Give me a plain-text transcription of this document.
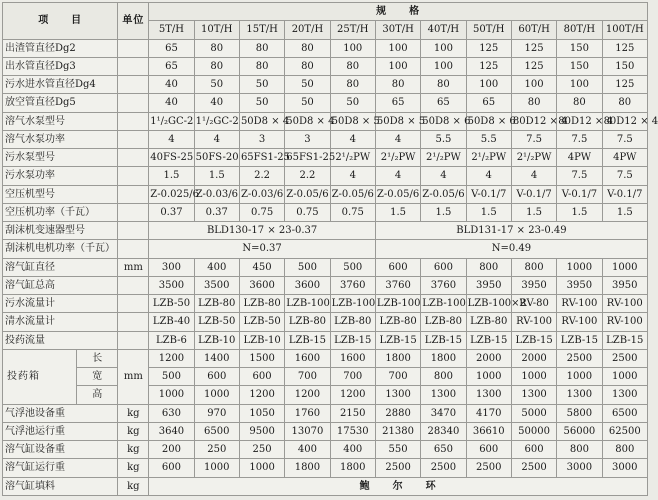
项　　目		单位	规　　格										
			5T/H	10T/H	15T/H	20T/H	25T/H	30T/H	40T/H	50T/H	60T/H	80T/H	100T/H
出渣管直径Dg2			65	80	80	80	100	100	100	125	125	150	125
出水管直径Dg3			65	80	80	80	80	100	100	125	125	150	150
污水进水管直径Dg4			40	50	50	50	80	80	80	100	100	100	125
放空管直径Dg5			40	40	50	50	50	65	65	65	80	80	80
溶气水泵型号			1¹/₂GC-2	1¹/₂GC-2	50D8 × 4	50D8 × 4	50D8 × 5	50D8 × 5	50D8 × 6	50D8 × 6	80D12 × 4	80D12 × 4	80D12 × 4
溶气水泵功率			4	4	3	3	4	4	5.5	5.5	7.5	7.5	7.5
污水泵型号			40FS-25	50FS-20	65FS1-25	65FS1-25	2¹/₂PW	2¹/₂PW	2¹/₂PW	2¹/₂PW	2¹/₂PW	4PW	4PW
污水泵功率			1.5	1.5	2.2	2.2	4	4	4	4	4	7.5	7.5
空压机型号			Z-0.025/6	Z-0.03/6	Z-0.03/6	Z-0.05/6	Z-0.05/6	Z-0.05/6	Z-0.05/6	V-0.1/7	V-0.1/7	V-0.1/7	V-0.1/7
空压机功率（千瓦）			0.37	0.37	0.75	0.75	0.75	1.5	1.5	1.5	1.5	1.5	1.5
刮沫机变速器型号			BLD130-17 × 23-0.37					BLD131-17 × 23-0.49					
刮沫机电机功率（千瓦）			N=0.37					N=0.49					
溶气缸直径		mm	300	400	450	500	500	600	600	800	800	1000	1000
溶气缸总高			3500	3500	3600	3600	3760	3760	3760	3950	3950	3950	3950
污水流量计			LZB-50	LZB-80	LZB-80	LZB-100	LZB-100	LZB-100	LZB-100	LZB-100×2	RV-80	RV-100	RV-100
清水流量计			LZB-40	LZB-50	LZB-50	LZB-80	LZB-80	LZB-80	LZB-80	LZB-80	RV-100	RV-100	RV-100
投药流量			LZB-6	LZB-10	LZB-10	LZB-15	LZB-15	LZB-15	LZB-15	LZB-15	LZB-15	LZB-15	LZB-15
投药箱	长	mm	1200	1400	1500	1600	1600	1800	1800	2000	2000	2500	2500
	宽		500	600	600	700	700	700	800	1000	1000	1000	1000
	高		1000	1000	1200	1200	1200	1300	1300	1300	1300	1300	1300
气浮池设备重		kg	630	970	1050	1760	2150	2880	3470	4170	5000	5800	6500
气浮池运行重		kg	3640	6500	9500	13070	17530	21380	28340	36610	50000	56000	62500
溶气缸设备重		kg	200	250	250	400	400	550	650	600	600	800	800
溶气缸运行重		kg	600	1000	1000	1800	1800	2500	2500	2500	2500	3000	3000
溶气缸填料		kg	鲍　　尔　　环										
